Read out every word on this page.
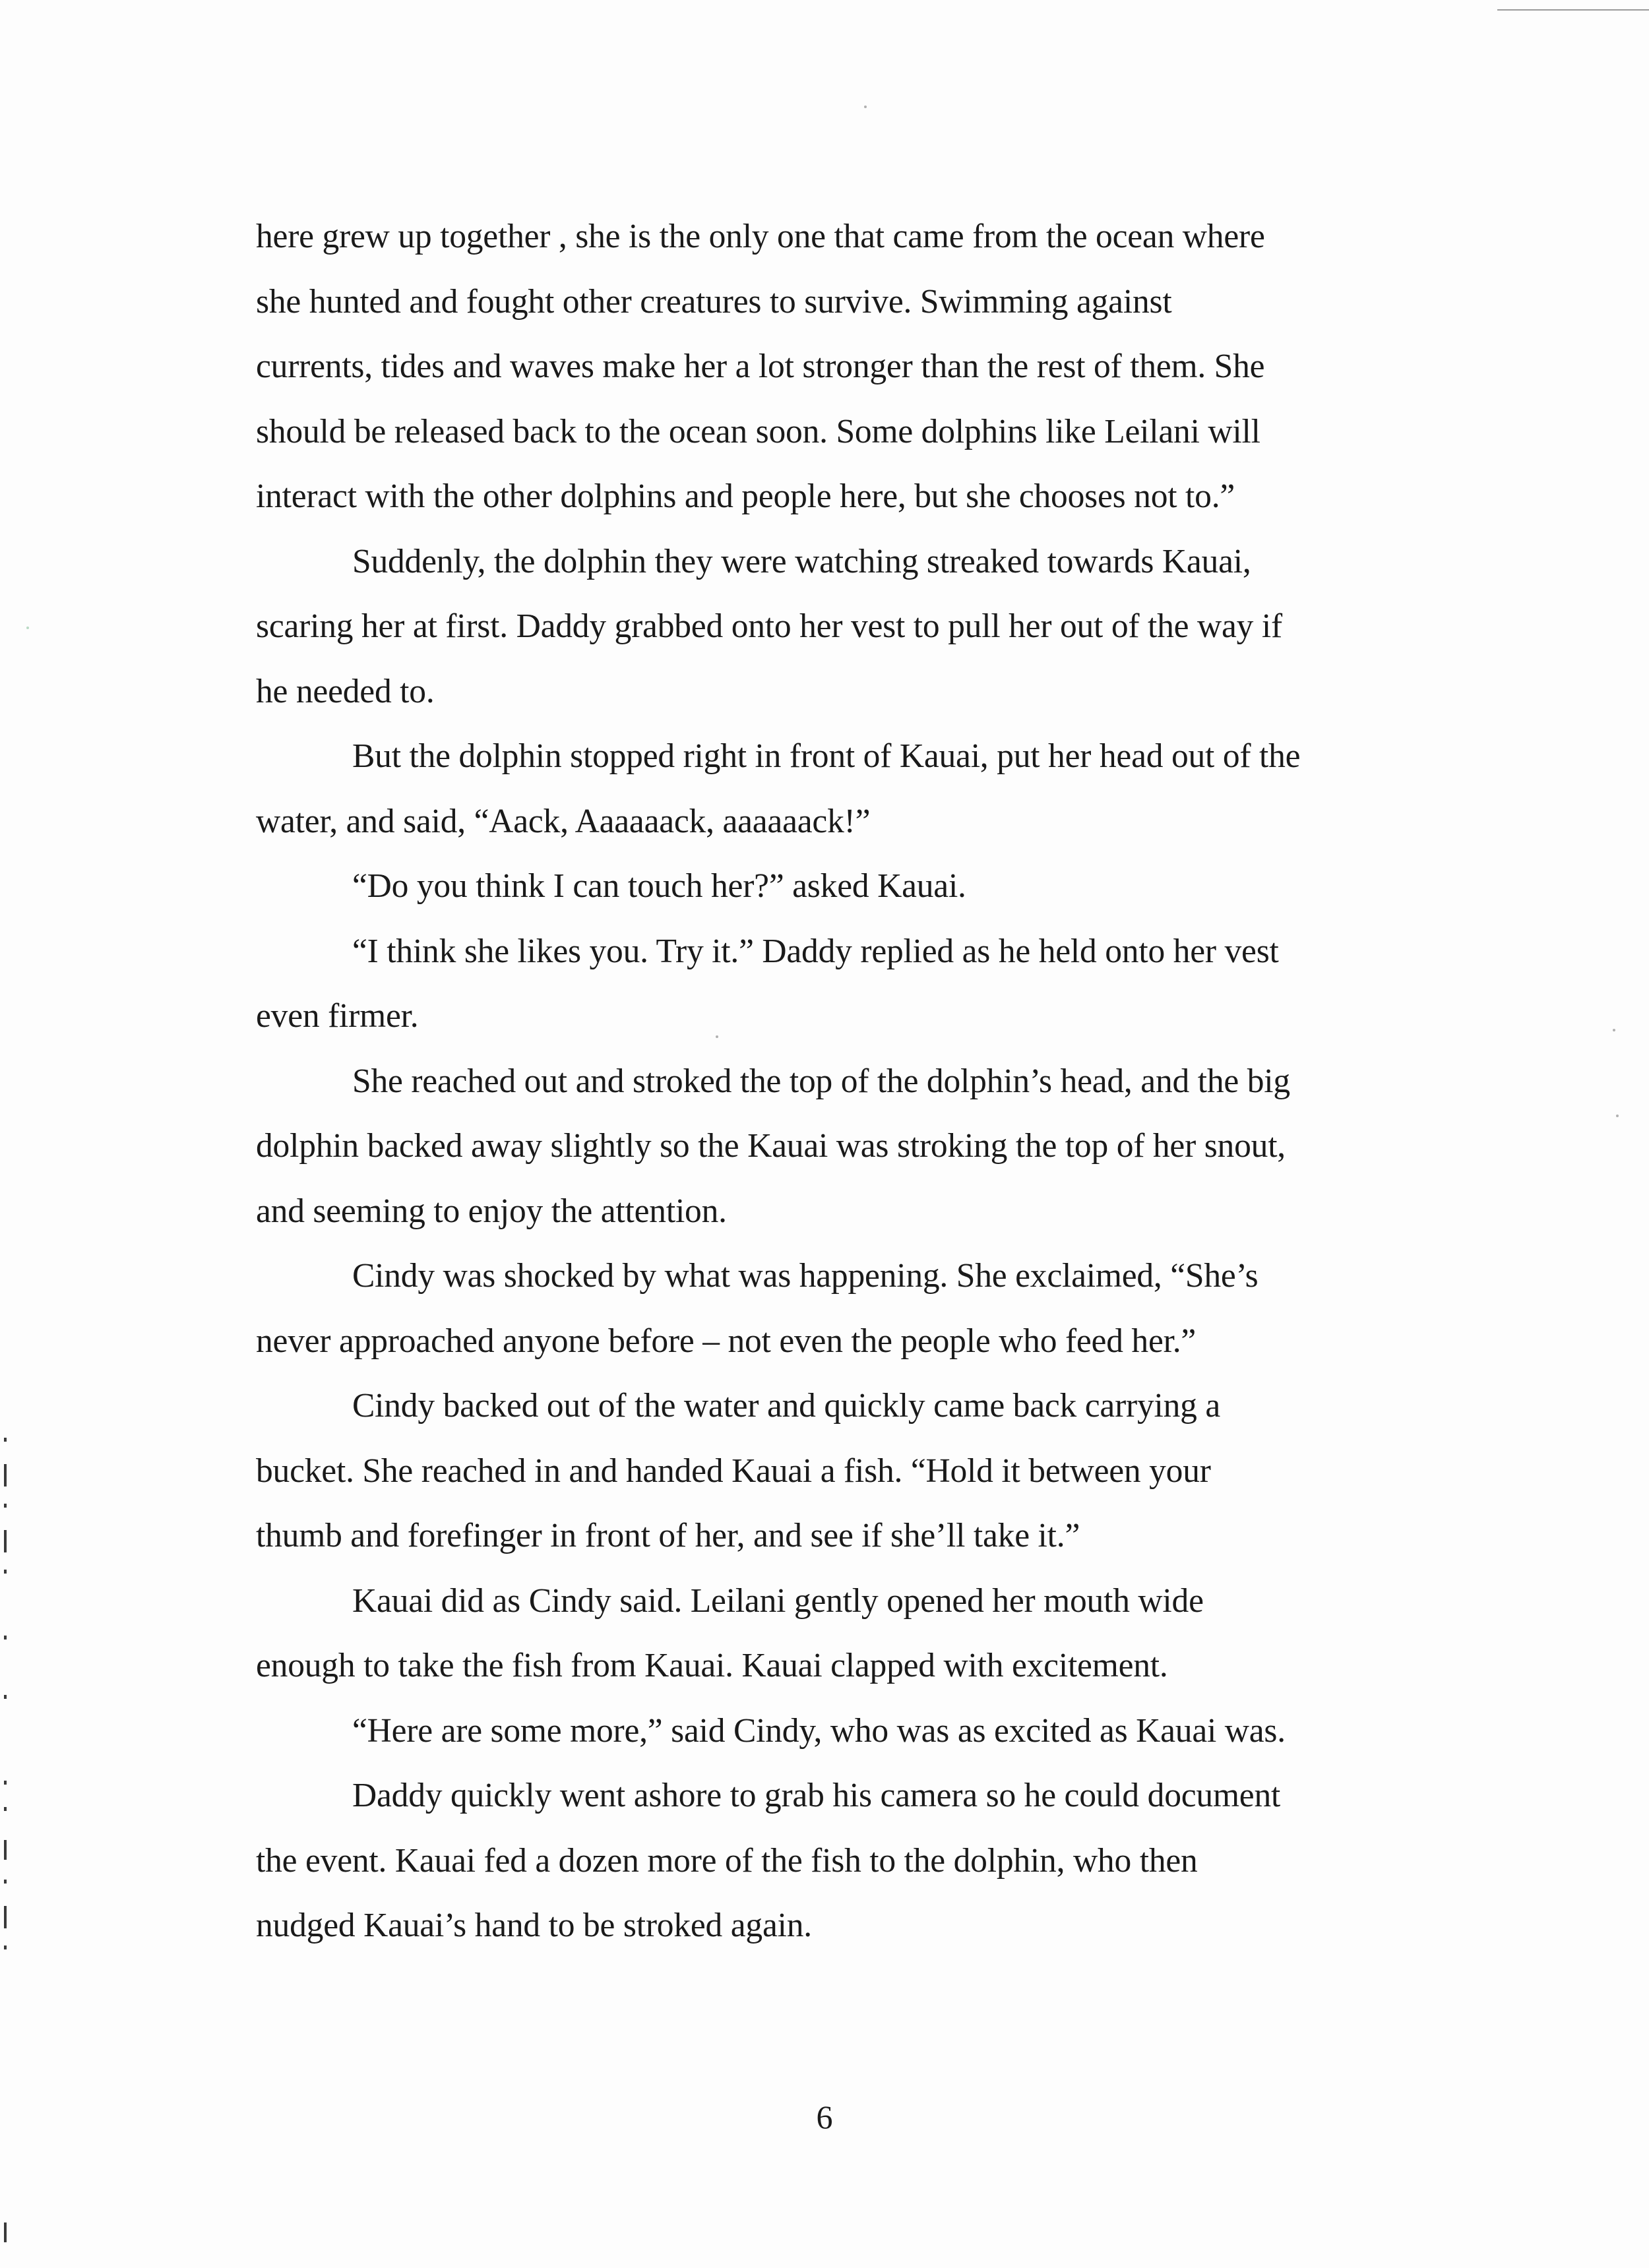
here grew up together , she is the only one that came from the ocean where
she hunted and fought other creatures to survive. Swimming against
currents, tides and waves make her a lot stronger than the rest of them. She
should be released back to the ocean soon. Some dolphins like Leilani will
interact with the other dolphins and people here, but she chooses not to.”
Suddenly, the dolphin they were watching streaked towards Kauai,
scaring her at first. Daddy grabbed onto her vest to pull her out of the way if
he needed to.
But the dolphin stopped right in front of Kauai, put her head out of the
water, and said, “Aack, Aaaaaack, aaaaaack!”
“Do you think I can touch her?” asked Kauai.
“I think she likes you. Try it.” Daddy replied as he held onto her vest
even firmer.
She reached out and stroked the top of the dolphin’s head, and the big
dolphin backed away slightly so the Kauai was stroking the top of her snout,
and seeming to enjoy the attention.
Cindy was shocked by what was happening. She exclaimed, “She’s
never approached anyone before – not even the people who feed her.”
Cindy backed out of the water and quickly came back carrying a
bucket. She reached in and handed Kauai a fish. “Hold it between your
thumb and forefinger in front of her, and see if she’ll take it.”
Kauai did as Cindy said. Leilani gently opened her mouth wide
enough to take the fish from Kauai. Kauai clapped with excitement.
“Here are some more,” said Cindy, who was as excited as Kauai was.
Daddy quickly went ashore to grab his camera so he could document
the event. Kauai fed a dozen more of the fish to the dolphin, who then
nudged Kauai’s hand to be stroked again.
6
